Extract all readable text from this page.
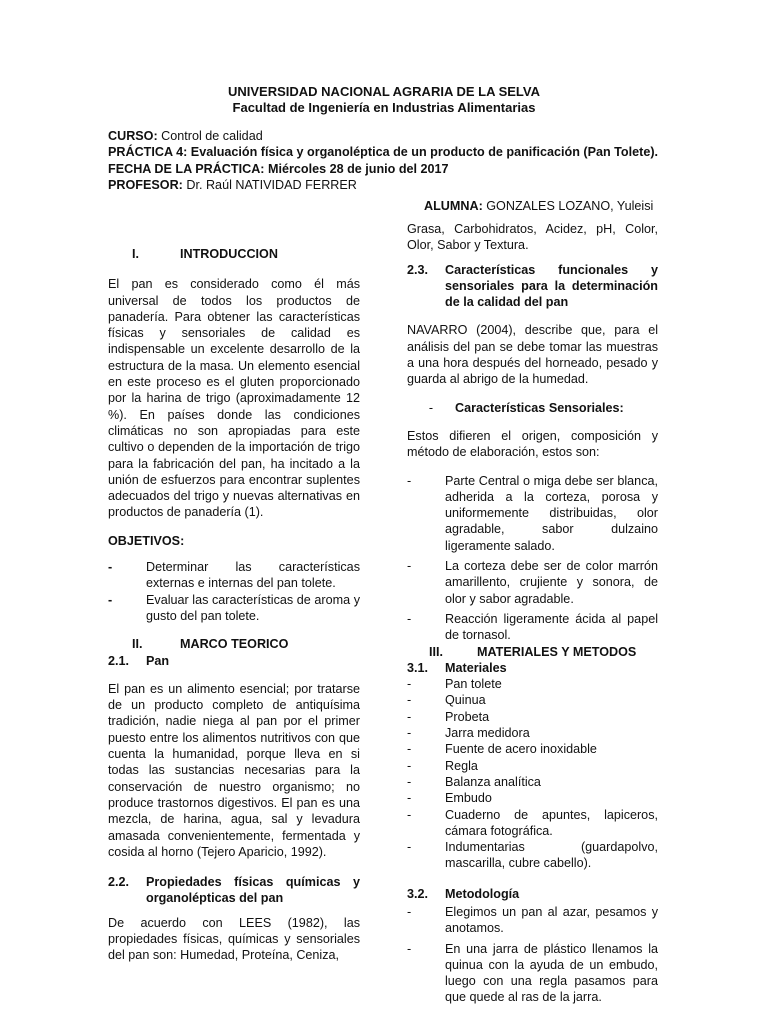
UNIVERSIDAD NACIONAL AGRARIA DE LA SELVA
Facultad de Ingeniería en Industrias Alimentarias

CURSO: Control de calidad

PRÁCTICA 4: Evaluación física y organoléptica de un producto de panificación (Pan Tolete).

FECHA DE LA PRÁCTICA: Miércoles 28 de junio del 2017

PROFESOR: Dr. Raúl NATIVIDAD FERRER

ALUMNA: GONZALES LOZANO, Yuleisi
I.	INTRODUCCION

El pan es considerado como él más universal de todos los productos de panadería. Para obtener las características físicas y sensoriales de calidad es indispensable un excelente desarrollo de la estructura de la masa. Un elemento esencial en este proceso es el gluten proporcionado por la harina de trigo (aproximadamente 12 %). En países donde las condiciones climáticas no son apropiadas para este cultivo o dependen de la importación de trigo para la fabricación del pan, ha incitado a la unión de esfuerzos para encontrar suplentes adecuados del trigo y nuevas alternativas en productos de panadería (1).

OBJETIVOS:
-	Determinar las características externas e internas del pan tolete.
-	Evaluar las características de aroma y gusto del pan tolete.
II.	MARCO TEORICO
2.1.	Pan

El pan es un alimento esencial; por tratarse de un producto completo de antiquísima tradición, nadie niega al pan por el primer puesto entre los alimentos nutritivos con que cuenta la humanidad, porque lleva en si todas las sustancias necesarias para la conservación de nuestro organismo; no produce trastornos digestivos. El pan es una mezcla, de harina, agua, sal y levadura amasada convenientemente, fermentada y cosida al horno (Tejero Aparicio, 1992).

2.2.	Propiedades físicas químicas y organolépticas del pan

De acuerdo con LEES (1982), las propiedades físicas, químicas y sensoriales del pan son: Humedad, Proteína, Ceniza,

Grasa, Carbohidratos, Acidez, pH, Color, Olor, Sabor y Textura.

2.3.	Características funcionales y sensoriales para la determinación de la calidad del pan

NAVARRO (2004), describe que, para el análisis del pan se debe tomar las muestras a una hora después del horneado, pesado y guarda al abrigo de la humedad.

-	Características Sensoriales:

Estos difieren el origen, composición y método de elaboración, estos son:

-	Parte Central o miga debe ser blanca, adherida a la corteza, porosa y uniformemente distribuidas, olor agradable, sabor dulzaino ligeramente salado.
-	La corteza debe ser de color marrón amarillento, crujiente y sonora, de olor y sabor agradable.
-	Reacción ligeramente ácida al papel de tornasol.
III.	MATERIALES Y METODOS
3.1.	Materiales
-	Pan tolete
-	Quinua
-	Probeta
-	Jarra medidora
-	Fuente de acero inoxidable
-	Regla
-	Balanza analítica
-	Embudo
-	Cuaderno de apuntes, lapiceros, cámara fotográfica.
-	Indumentarias (guardapolvo, mascarilla, cubre cabello).
3.2.	Metodología
-	Elegimos un pan al azar, pesamos y anotamos.
-	En una jarra de plástico llenamos la quinua con la ayuda de un embudo, luego con una regla pasamos para que quede al ras de la jarra.
